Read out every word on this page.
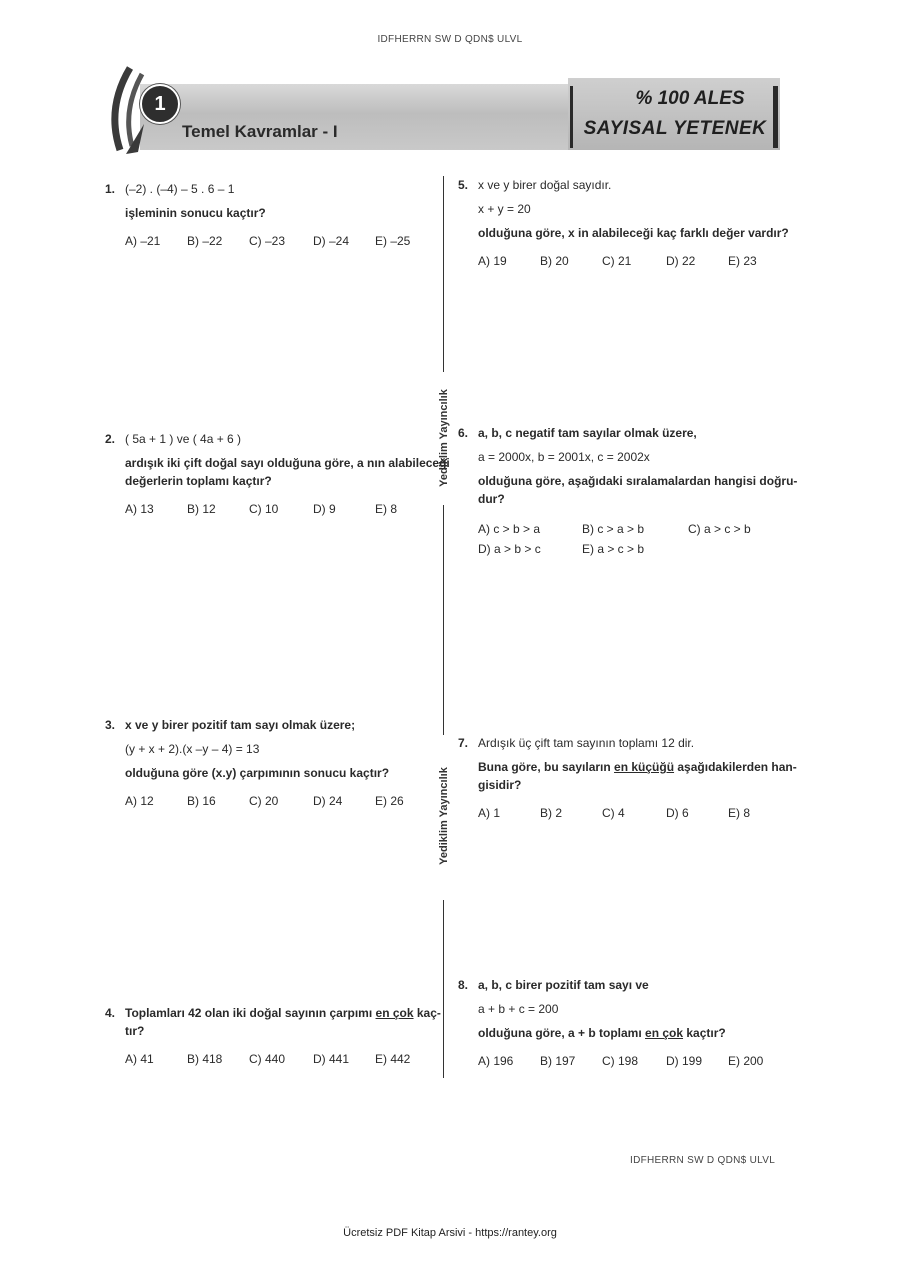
IDFHERRN SW D QDN$ ULVL
1
Temel Kavramlar - I
% 100 ALES
SAYISAL YETENEK
Yediklim Yayıncılık
Yediklim Yayıncılık
1. (–2) . (–4) – 5 . 6 – 1
işleminin sonucu kaçtır?
A) –21 B) –22 C) –23 D) –24 E) –25
2. ( 5a + 1 ) ve ( 4a + 6 )
ardışık iki çift doğal sayı olduğuna göre, a nın alabileceği
değerlerin toplamı kaçtır?
A) 13	B) 12	C) 10	D) 9	E) 8
3. x ve y birer pozitif tam sayı olmak üzere;
(y + x + 2).(x –y – 4) = 13
olduğuna göre (x.y) çarpımının sonucu kaçtır?
A) 12	B) 16	C) 20	D) 24	E) 26
4. Toplamları 42 olan iki doğal sayının çarpımı en çok kaç-
tır?
A) 41	B) 418 C) 440 D) 441 E) 442
5. x ve y birer doğal sayıdır.
x + y = 20
olduğuna göre, x in alabileceği kaç farklı değer vardır?
A) 19	B) 20	C) 21	D) 22	E) 23
6. a, b, c negatif tam sayılar olmak üzere,
a = 2000x, b = 2001x, c = 2002x
olduğuna göre, aşağıdaki sıralamalardan hangisi doğru-
dur?
A) c > b > a	B) c > a > b	C) a > c > b
D) a > b > c	E) a > c > b
7. Ardışık üç çift tam sayının toplamı 12 dir.
Buna göre, bu sayıların en küçüğü aşağıdakilerden han-
gisidir?
A) 1	B) 2	C) 4	D) 6	E) 8
8. a, b, c birer pozitif tam sayı ve
a + b + c = 200
olduğuna göre, a + b toplamı en çok kaçtır?
A) 196 B) 197 C) 198 D) 199 E) 200
IDFHERRN SW D QDN$ ULVL
Ücretsiz PDF Kitap Arsivi - https://rantey.org
